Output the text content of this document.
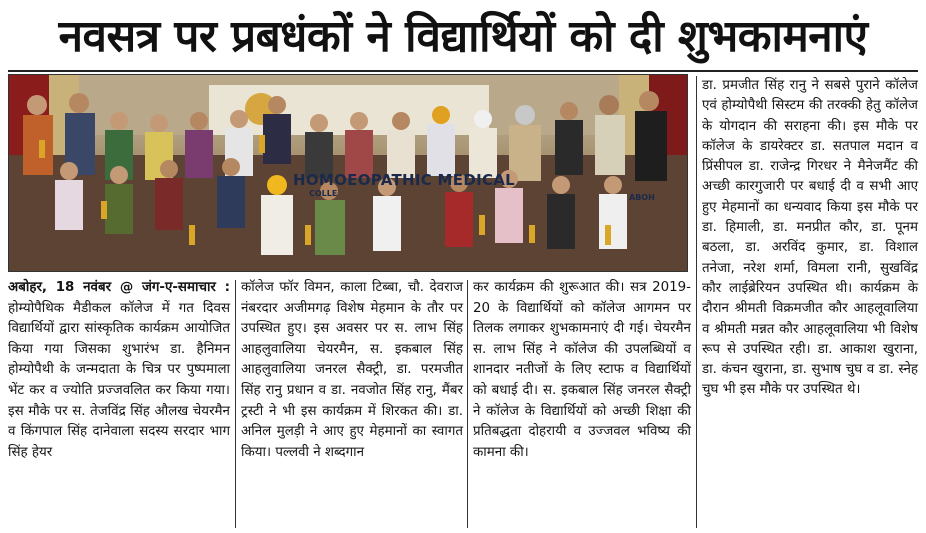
नवसत्र पर प्रबधंकों ने विद्यार्थियों को दी शुभकामनाएं
HOMOEOPATHIC MEDICAL
COLLE	ABOH
अबोहर, 18 नवंबर @ जंग-ए-समाचार : होम्योपैथिक मैडीकल कॉलेज में गत दिवस विद्यार्थियों द्वारा सांस्कृतिक कार्यक्रम आयोजित किया गया जिसका शुभारंभ डा. हैनिमन होम्योपैथी के जन्मदाता के चित्र पर पुष्पमाला भेंट कर व ज्योति प्रज्जवलित कर किया गया। इस मौके पर स. तेजविंद्र सिंह औलख चेयरमैन व किंगपाल सिंह दानेवाला सदस्य सरदार भाग सिंह हेयर
कॉलेज फॉर विमन, काला टिब्बा, चौ. देवराज नंबरदार अजीमगढ़ विशेष मेहमान के तौर पर उपस्थित हुए। इस अवसर पर स. लाभ सिंह आहलुवालिया चेयरमैन, स. इकबाल सिंह आहलुवालिया जनरल सैक्ट्री, डा. परमजीत सिंह रानु प्रधान व डा. नवजोत सिंह रानु, मैंबर ट्रस्टी ने भी इस कार्यक्रम में शिरकत की। डा. अनिल मुलड़ी ने आए हुए मेहमानों का स्वागत किया। पल्लवी ने शब्दगान
कर कार्यक्रम की शुरूआत की। सत्र 2019-20 के विद्यार्थियों को कॉलेज आगमन पर तिलक लगाकर शुभकामनाएं दी गई। चेयरमैन स. लाभ सिंह ने कॉलेज की उपलब्धियों व शानदार नतीजों के लिए स्टाफ व विद्यार्थियों को बधाई दी। स. इकबाल सिंह जनरल सैक्ट्री ने कॉलेज के विद्यार्थियों को अच्छी शिक्षा की प्रतिबद्धता दोहरायी व उज्जवल भविष्य की कामना की।
डा. प्रमजीत सिंह रानु ने सबसे पुराने कॉलेज एवं होम्योपैथी सिस्टम की तरक्की हेतु कॉलेज के योगदान की सराहना की। इस मौके पर कॉलेज के डायरेक्टर डा. सतपाल मदान व प्रिंसीपल डा. राजेन्द्र गिरधर ने मैनेजमैंट की अच्छी कारगुजारी पर बधाई दी व सभी आए हुए मेहमानों का धन्यवाद किया इस मौके पर डा. हिमाली, डा. मनप्रीत कौर, डा. पूनम बठला, डा. अरविंद कुमार, डा. विशाल तनेजा, नरेश शर्मा, विमला रानी, सुखविंद्र कौर लाईब्रेरियन उपस्थित थी। कार्यक्रम के दौरान श्रीमती विक्रमजीत कौर आहलूवालिया व श्रीमती मन्नत कौर आहलूवालिया भी विशेष रूप से उपस्थित रही। डा. आकाश खुराना, डा. कंचन खुराना, डा. सुभाष चुघ व डा. स्नेह चुघ भी इस मौके पर उपस्थित थे।
